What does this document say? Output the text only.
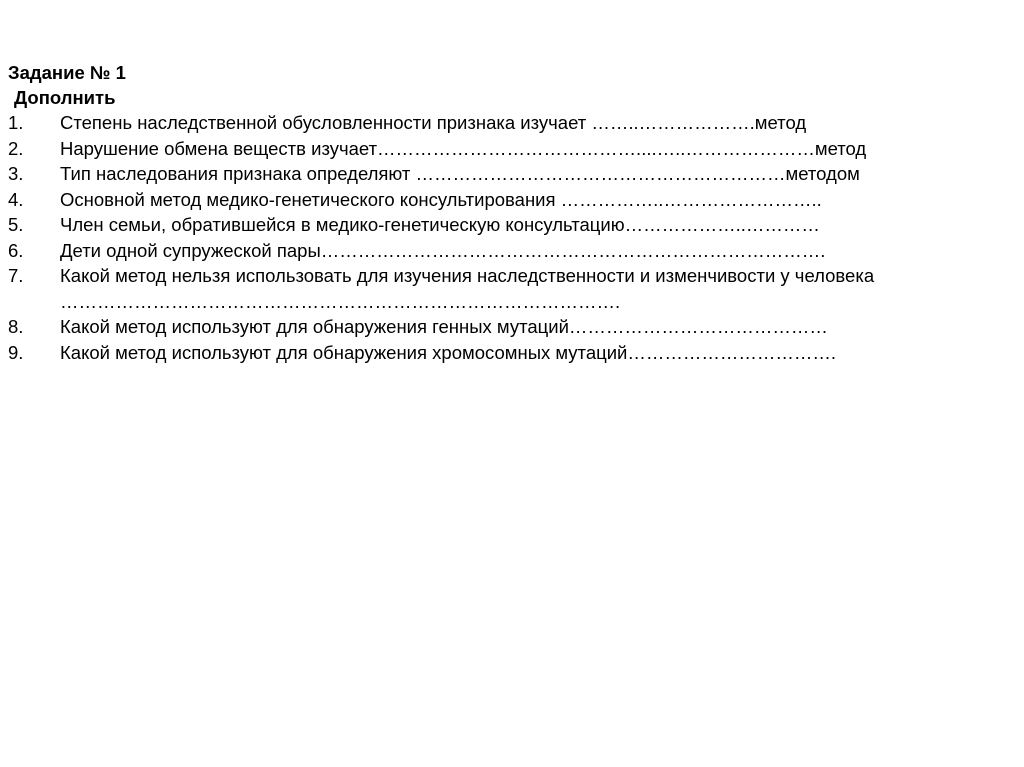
Задание № 1
Дополнить
1.	Степень наследственной обусловленности признака изучает ……..……………….метод
2.	Нарушение обмена веществ изучает……………………………………....…..…………………метод
3.	Тип наследования признака определяют ……………………………………………………методом
4.	Основной метод медико-генетического консультирования ……………..……………………..
5.	Член семьи, обратившейся в медико-генетическую консультацию………………..…………
6.	Дети одной супружеской пары……………………………………………………………………….
7.	Какой метод нельзя использовать для изучения наследственности и изменчивости у человека ……………………………………………………………………………….
8.	Какой метод используют для обнаружения генных мутаций……………………………………
9.	Какой метод используют для обнаружения хромосомных мутаций…………………………….
